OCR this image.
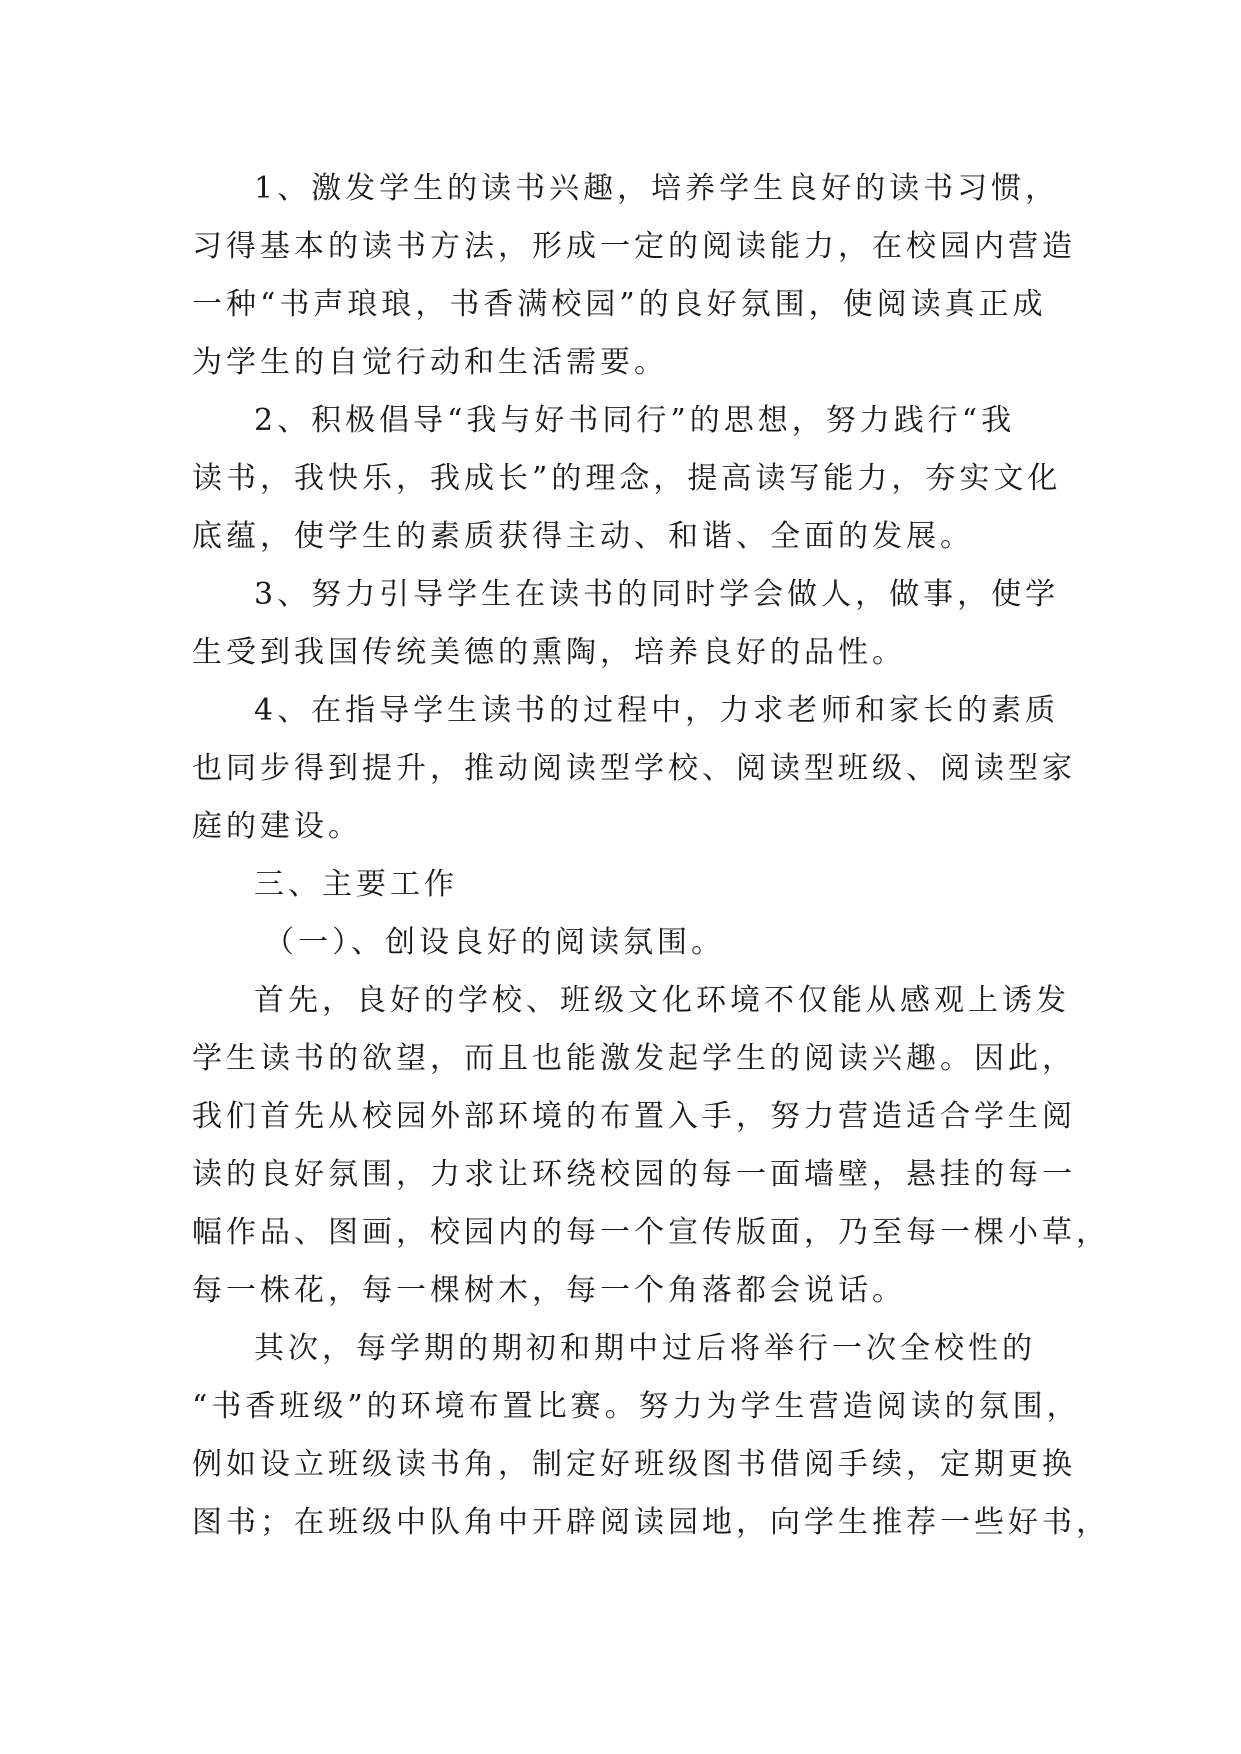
1、激发学生的读书兴趣，培养学生良好的读书习惯，
习得基本的读书方法，形成一定的阅读能力，在校园内营造
一种“书声琅琅，书香满校园”的良好氛围，使阅读真正成
为学生的自觉行动和生活需要。
2、积极倡导“我与好书同行”的思想，努力践行“我
读书，我快乐，我成长”的理念，提高读写能力，夯实文化
底蕴，使学生的素质获得主动、和谐、全面的发展。
3、努力引导学生在读书的同时学会做人，做事，使学
生受到我国传统美德的熏陶，培养良好的品性。
4、在指导学生读书的过程中，力求老师和家长的素质
也同步得到提升，推动阅读型学校、阅读型班级、阅读型家
庭的建设。
三、主要工作
（一）、创设良好的阅读氛围。
首先，良好的学校、班级文化环境不仅能从感观上诱发
学生读书的欲望，而且也能激发起学生的阅读兴趣。因此，
我们首先从校园外部环境的布置入手，努力营造适合学生阅
读的良好氛围，力求让环绕校园的每一面墙壁，悬挂的每一
幅作品、图画，校园内的每一个宣传版面，乃至每一棵小草，
每一株花，每一棵树木，每一个角落都会说话。
其次，每学期的期初和期中过后将举行一次全校性的
“书香班级”的环境布置比赛。努力为学生营造阅读的氛围，
例如设立班级读书角，制定好班级图书借阅手续，定期更换
图书；在班级中队角中开辟阅读园地，向学生推荐一些好书，
